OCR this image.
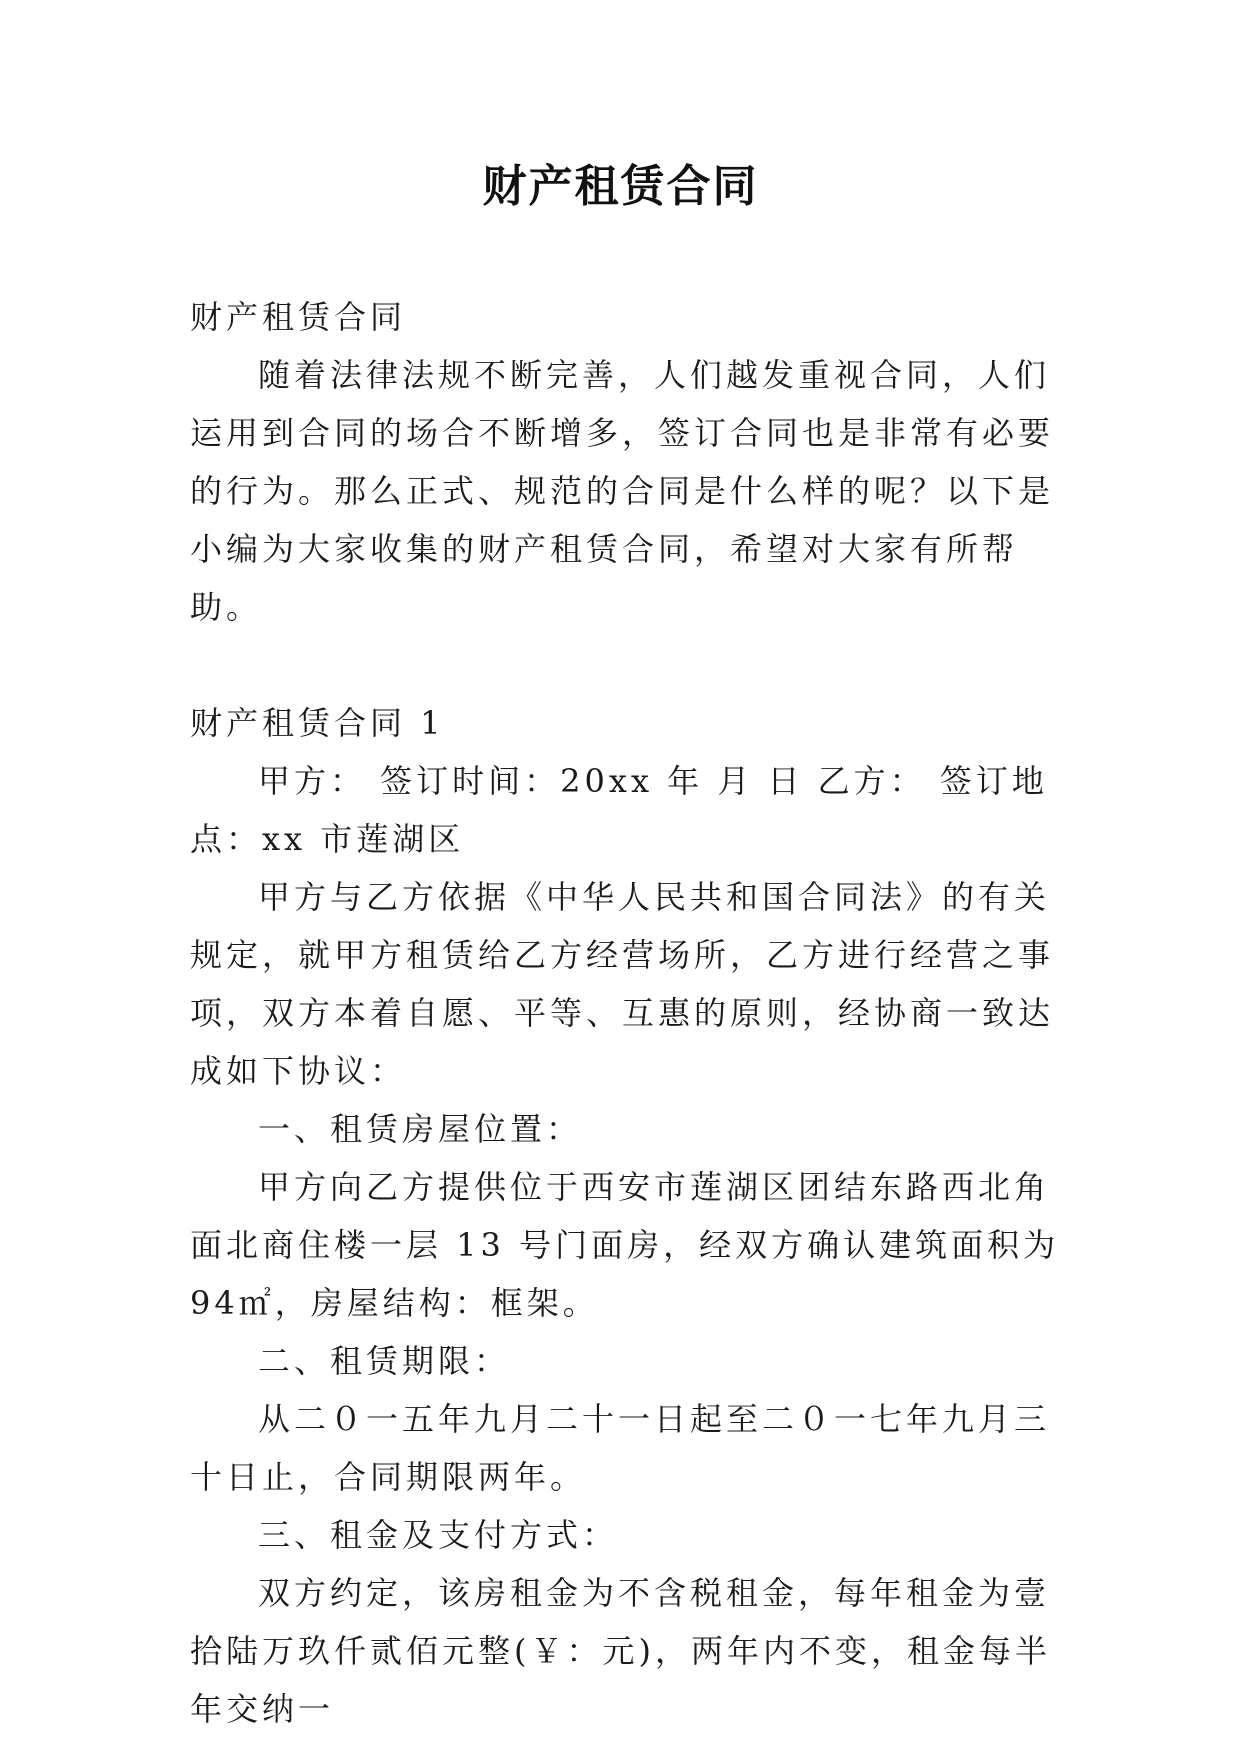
财产租赁合同

财产租赁合同

随着法律法规不断完善，人们越发重视合同，人们运用到合同的场合不断增多，签订合同也是非常有必要的行为。那么正式、规范的合同是什么样的呢？以下是小编为大家收集的财产租赁合同，希望对大家有所帮助。

财产租赁合同 1

甲方： 签订时间：20xx 年 月 日 乙方： 签订地点：xx 市莲湖区

甲方与乙方依据《中华人民共和国合同法》的有关规定，就甲方租赁给乙方经营场所，乙方进行经营之事项，双方本着自愿、平等、互惠的原则，经协商一致达成如下协议：

一、租赁房屋位置：

甲方向乙方提供位于西安市莲湖区团结东路西北角面北商住楼一层 13 号门面房，经双方确认建筑面积为 94㎡，房屋结构：框架。

二、租赁期限：

从二０一五年九月二十一日起至二０一七年九月三十日止，合同期限两年。

三、租金及支付方式：

双方约定，该房租金为不含税租金，每年租金为壹拾陆万玖仟贰佰元整(￥：元)，两年内不变，租金每半年交纳一
